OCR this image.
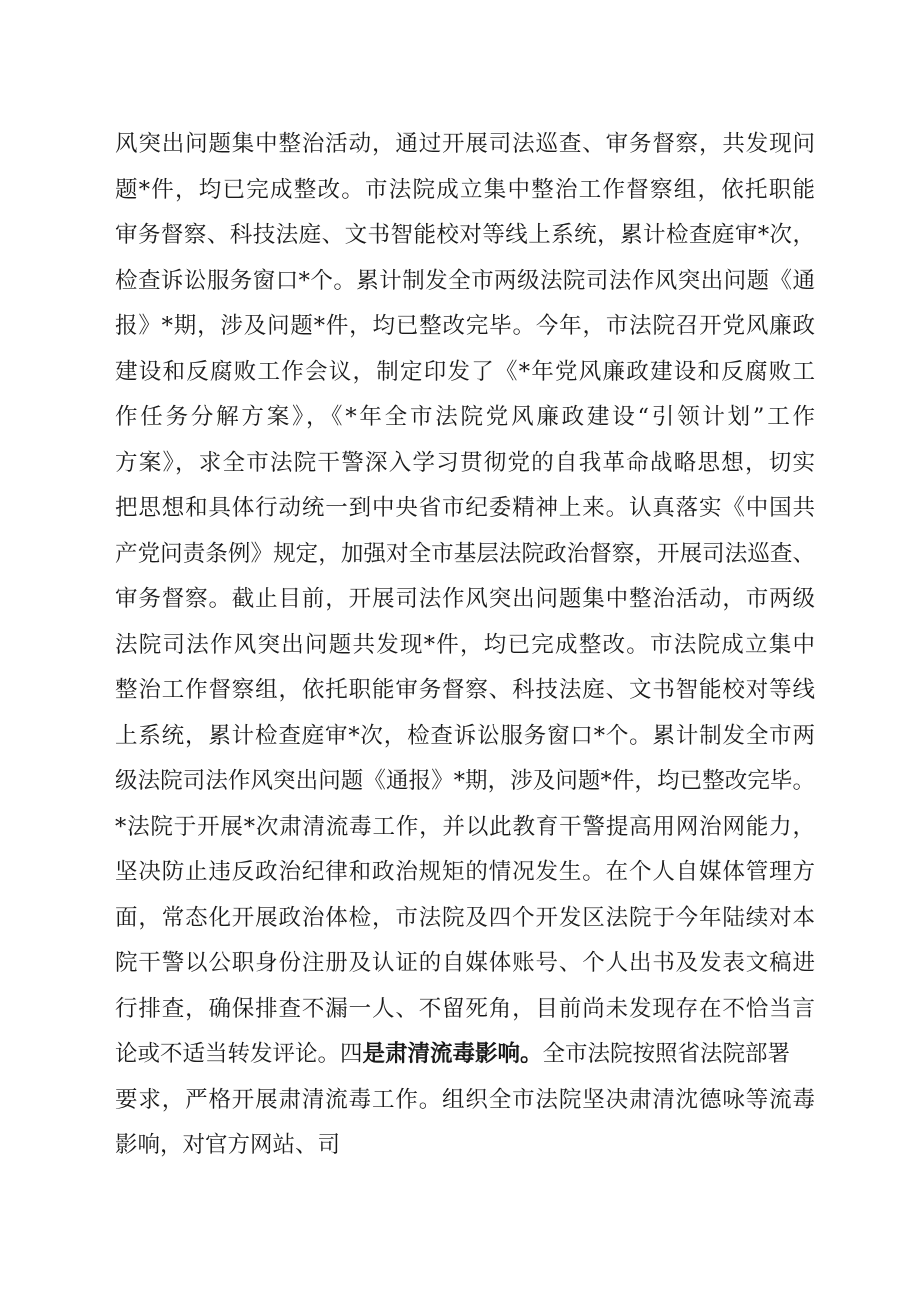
风突出问题集中整治活动，通过开展司法巡查、审务督察，共发现问
题*件，均已完成整改。市法院成立集中整治工作督察组，依托职能
审务督察、科技法庭、文书智能校对等线上系统，累计检查庭审*次，
检查诉讼服务窗口*个。累计制发全市两级法院司法作风突出问题《通
报》*期，涉及问题*件，均已整改完毕。今年，市法院召开党风廉政
建设和反腐败工作会议，制定印发了《*年党风廉政建设和反腐败工
作任务分解方案》，《*年全市法院党风廉政建设“引领计划”工作
方案》，求全市法院干警深入学习贯彻党的自我革命战略思想，切实
把思想和具体行动统一到中央省市纪委精神上来。认真落实《中国共
产党问责条例》规定，加强对全市基层法院政治督察，开展司法巡查、
审务督察。截止目前，开展司法作风突出问题集中整治活动，市两级
法院司法作风突出问题共发现*件，均已完成整改。市法院成立集中
整治工作督察组，依托职能审务督察、科技法庭、文书智能校对等线
上系统，累计检查庭审*次，检查诉讼服务窗口*个。累计制发全市两
级法院司法作风突出问题《通报》*期，涉及问题*件，均已整改完毕。
*法院于开展*次肃清流毒工作，并以此教育干警提高用网治网能力，
坚决防止违反政治纪律和政治规矩的情况发生。在个人自媒体管理方
面，常态化开展政治体检，市法院及四个开发区法院于今年陆续对本
院干警以公职身份注册及认证的自媒体账号、个人出书及发表文稿进
行排查，确保排查不漏一人、不留死角，目前尚未发现存在不恰当言
论或不适当转发评论。四是肃清流毒影响。全市法院按照省法院部署
要求，严格开展肃清流毒工作。组织全市法院坚决肃清沈德咏等流毒
影响，对官方网站、司
